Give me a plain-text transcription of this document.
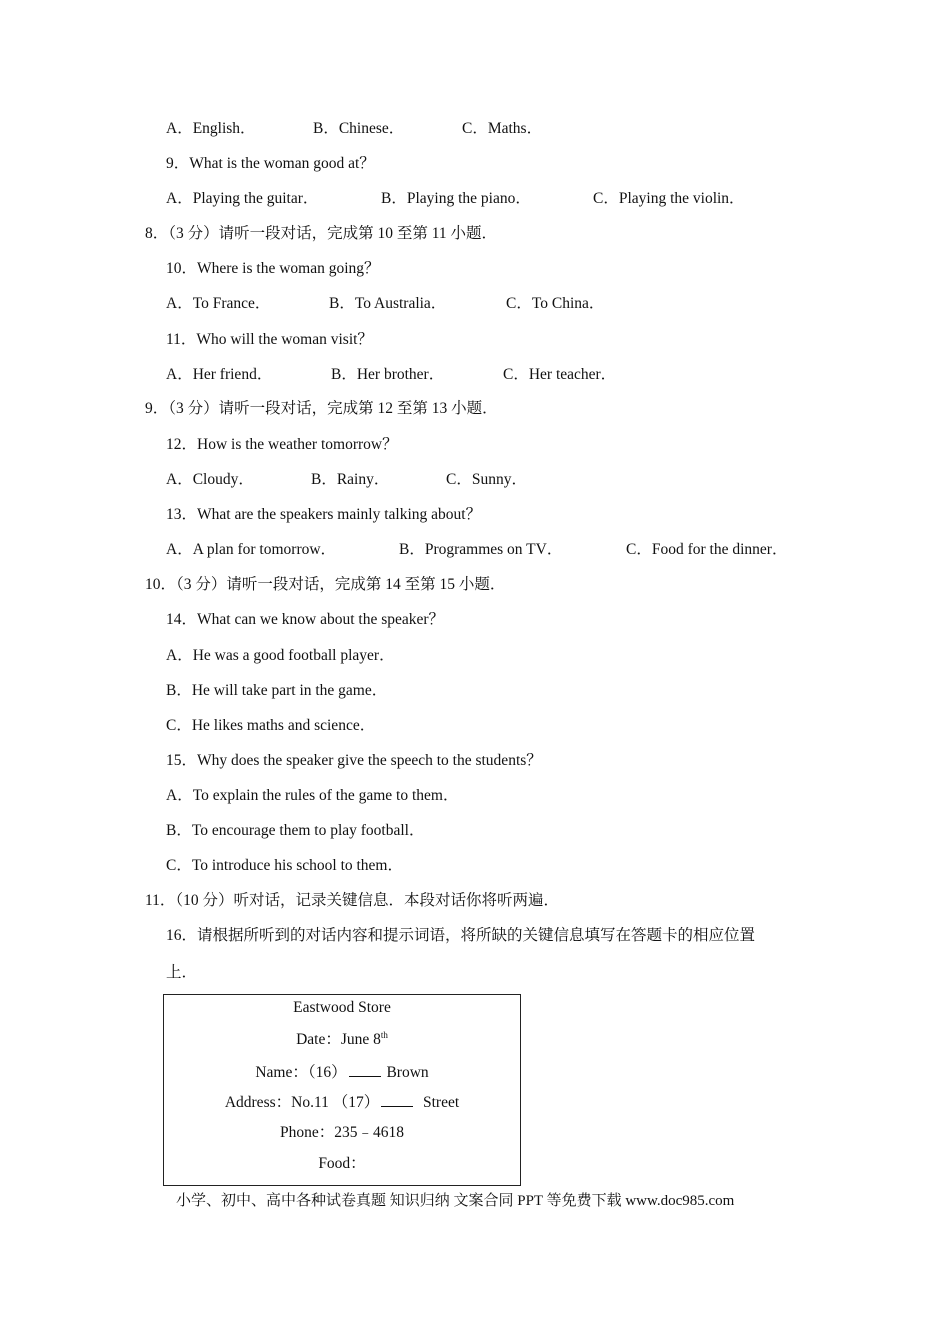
A．English．	B．Chinese．	C．Maths．
9．What is the woman good at？
A．Playing the guitar．	B．Playing the piano．	C．Playing the violin．
8．（3 分）请听一段对话，完成第 10 至第 11 小题．
10．Where is the woman going？
A．To France．	B．To Australia．	C．To China．
11．Who will the woman visit？
A．Her friend．	B．Her brother．	C．Her teacher．
9．（3 分）请听一段对话，完成第 12 至第 13 小题．
12．How is the weather tomorrow？
A．Cloudy．	B．Rainy．	C．Sunny．
13．What are the speakers mainly talking about？
A．A plan for tomorrow．	B．Programmes on TV．	C．Food for the dinner．
10．（3 分）请听一段对话，完成第 14 至第 15 小题．
14．What can we know about the speaker？
A．He was a good football player．
B．He will take part in the game．
C．He likes maths and science．
15．Why does the speaker give the speech to the students？
A．To explain the rules of the game to them．
B．To encourage them to play football．
C．To introduce his school to them．
11．（10 分）听对话，记录关键信息．本段对话你将听两遍．
16．请根据所听到的对话内容和提示词语，将所缺的关键信息填写在答题卡的相应位置
上．
Eastwood Store
Date：June 8th
Name：（16）	Brown
Address：No.11 （17）	Street
Phone：235﹣4618
Food：
小学、初中、高中各种试卷真题 知识归纳 文案合同 PPT 等免费下载 www.doc985.com
